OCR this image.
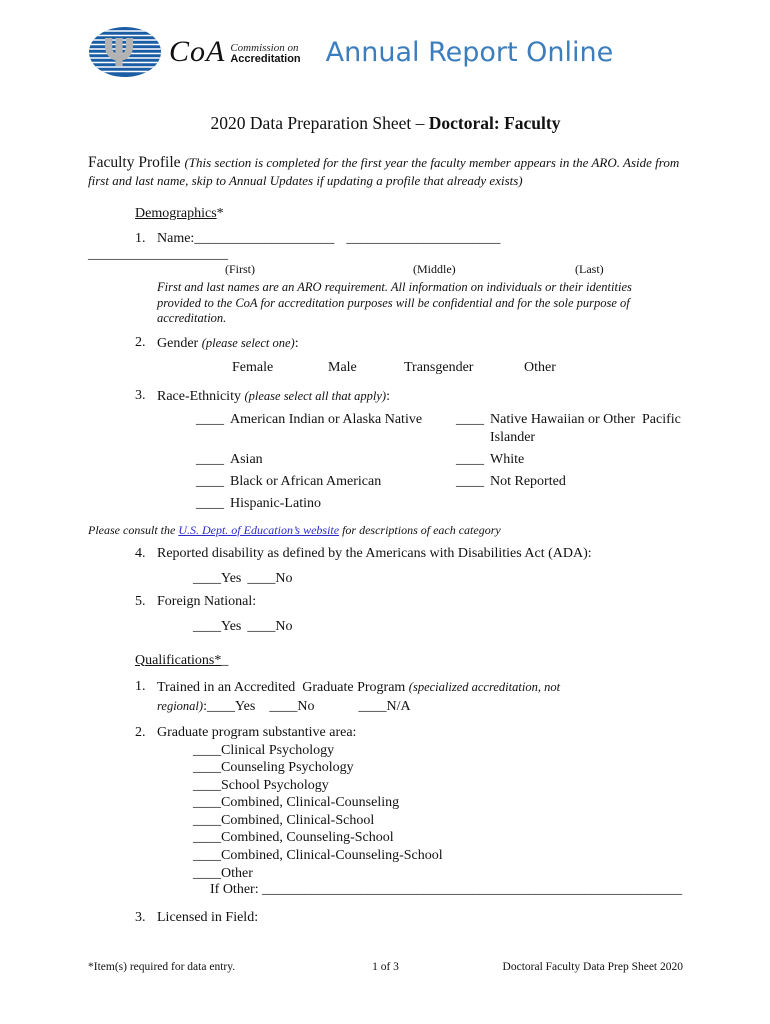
Ψ CoA Commission on
Accreditation Annual Report Online
2020 Data Preparation Sheet – Doctoral: Faculty
Faculty Profile (This section is completed for the first year the faculty member appears in the ARO. Aside from first and last name, skip to Annual Updates if updating a profile that already exists)
Demographics*
1. Name:____________________ ______________________
____________________
(First)	(Middle)	(Last)
First and last names are an ARO requirement. All information on individuals or their identities provided to the CoA for accreditation purposes will be confidential and for the sole purpose of accreditation.
2. Gender (please select one):
Female	Male	Transgender	Other
3. Race-Ethnicity (please select all that apply):
____ American Indian or Alaska Native ____ Native Hawaiian or Other  Pacific
Islander
____ Asian	____ White
____ Black or African American	____ Not Reported
____ Hispanic-Latino
Please consult the U.S. Dept. of Education’s website for descriptions of each category
4. Reported disability as defined by the Americans with Disabilities Act (ADA):
____Yes ____No
5. Foreign National:
____Yes ____No
Qualifications*_
1. Trained in an Accredited  Graduate Program (specialized accreditation, not
regional):____Yes ____No	____N/A
2. Graduate program substantive area:
____Clinical Psychology
____Counseling Psychology
____School Psychology
____Combined, Clinical-Counseling
____Combined, Clinical-School
____Combined, Counseling-School
____Combined, Clinical-Counseling-School
____Other
If Other: ____________________________________________________________
3. Licensed in Field:
*Item(s) required for data entry.	1 of 3	Doctoral Faculty Data Prep Sheet 2020
